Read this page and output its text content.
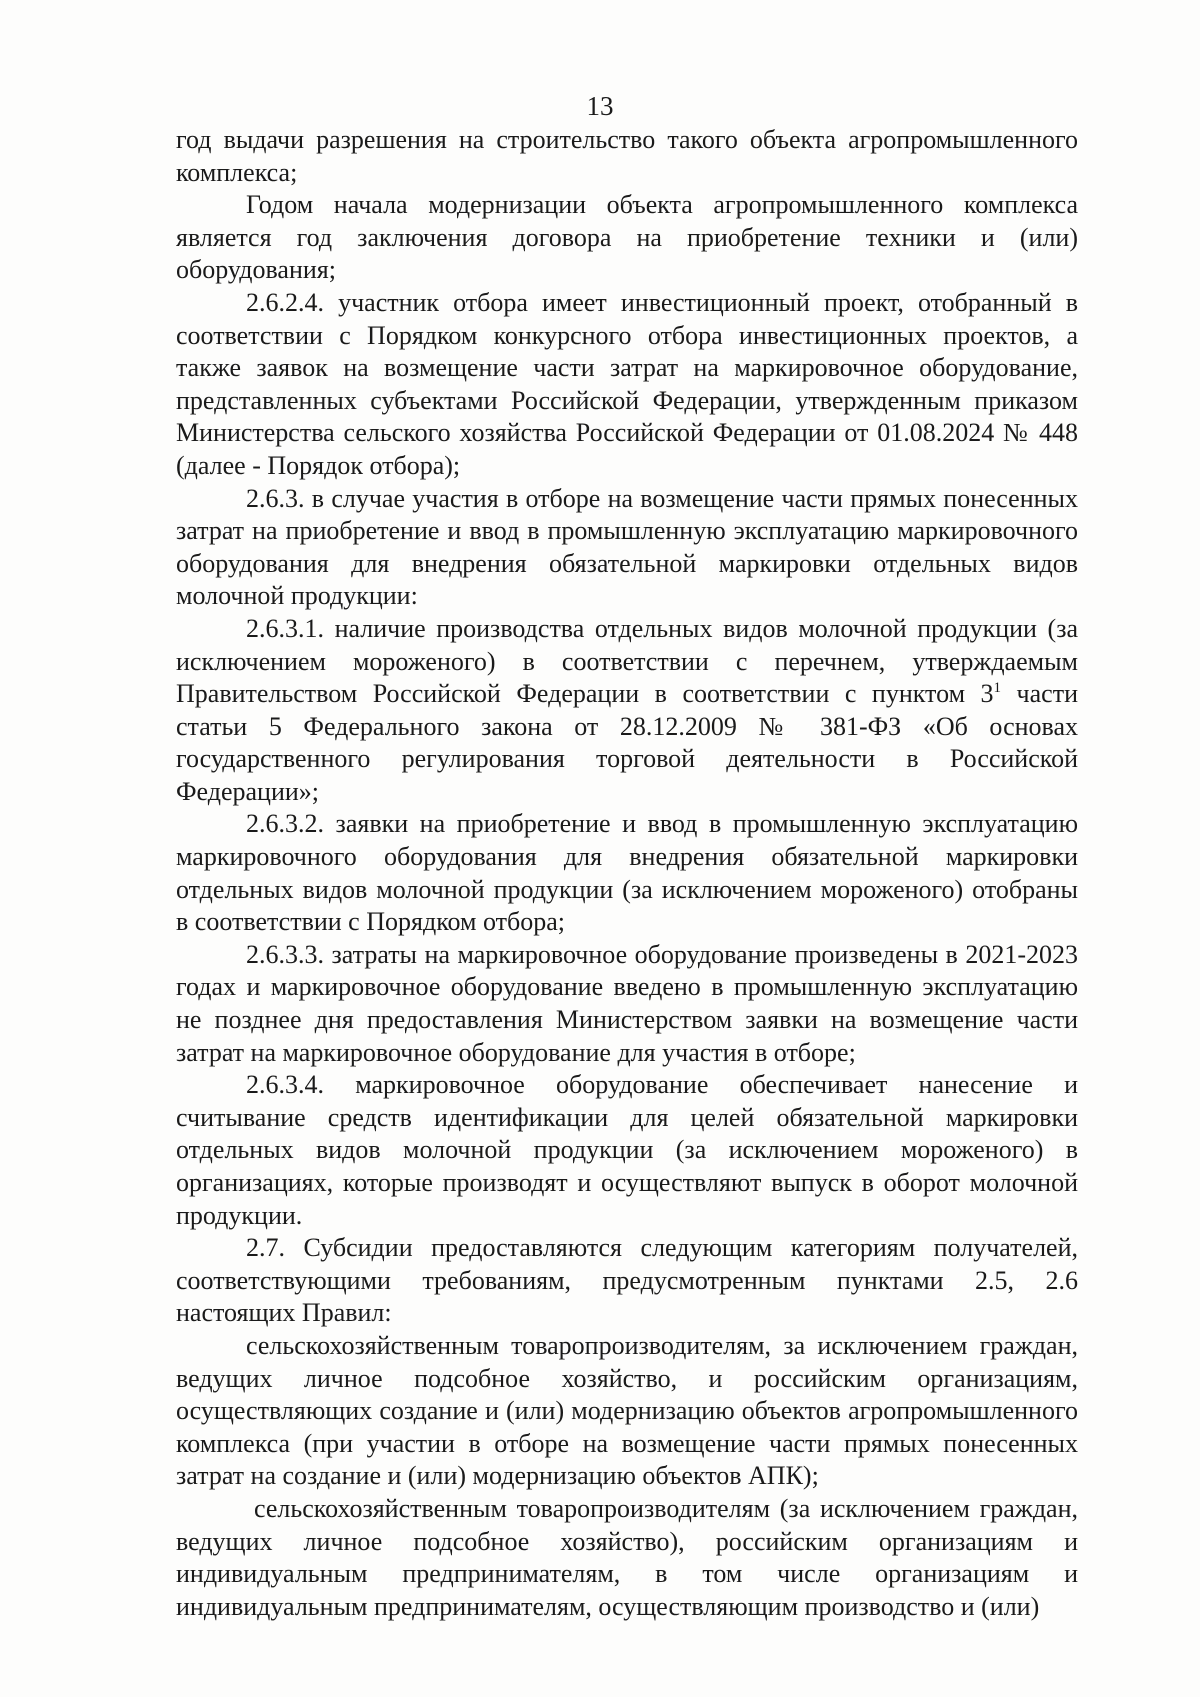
13

год выдачи разрешения на строительство такого объекта агропромышленного комплекса;

Годом начала модернизации объекта агропромышленного комплекса является год заключения договора на приобретение техники и (или) оборудования;

2.6.2.4. участник отбора имеет инвестиционный проект, отобранный в соответствии с Порядком конкурсного отбора инвестиционных проектов, а также заявок на возмещение части затрат на маркировочное оборудование, представленных субъектами Российской Федерации, утвержденным приказом Министерства сельского хозяйства Российской Федерации от 01.08.2024 № 448 (далее - Порядок отбора);

2.6.3. в случае участия в отборе на возмещение части прямых понесенных затрат на приобретение и ввод в промышленную эксплуатацию маркировочного оборудования для внедрения обязательной маркировки отдельных видов молочной продукции:

2.6.3.1. наличие производства отдельных видов молочной продукции (за исключением мороженого) в соответствии с перечнем, утверждаемым Правительством Российской Федерации в соответствии с пунктом $3^1$ части статьи 5 Федерального закона от 28.12.2009 № 381-ФЗ «Об основах государственного регулирования торговой деятельности в Российской Федерации»;

2.6.3.2. заявки на приобретение и ввод в промышленную эксплуатацию маркировочного оборудования для внедрения обязательной маркировки отдельных видов молочной продукции (за исключением мороженого) отобраны в соответствии с Порядком отбора;

2.6.3.3. затраты на маркировочное оборудование произведены в 2021-2023 годах и маркировочное оборудование введено в промышленную эксплуатацию не позднее дня предоставления Министерством заявки на возмещение части затрат на маркировочное оборудование для участия в отборе;

2.6.3.4. маркировочное оборудование обеспечивает нанесение и считывание средств идентификации для целей обязательной маркировки отдельных видов молочной продукции (за исключением мороженого) в организациях, которые производят и осуществляют выпуск в оборот молочной продукции.

2.7. Субсидии предоставляются следующим категориям получателей, соответствующими требованиям, предусмотренным пунктами 2.5, 2.6 настоящих Правил:

сельскохозяйственным товаропроизводителям, за исключением граждан, ведущих личное подсобное хозяйство, и российским организациям, осуществляющих создание и (или) модернизацию объектов агропромышленного комплекса (при участии в отборе на возмещение части прямых понесенных затрат на создание и (или) модернизацию объектов АПК);

сельскохозяйственным товаропроизводителям (за исключением граждан, ведущих личное подсобное хозяйство), российским организациям и индивидуальным предпринимателям, в том числе организациям и индивидуальным предпринимателям, осуществляющим производство и (или)
